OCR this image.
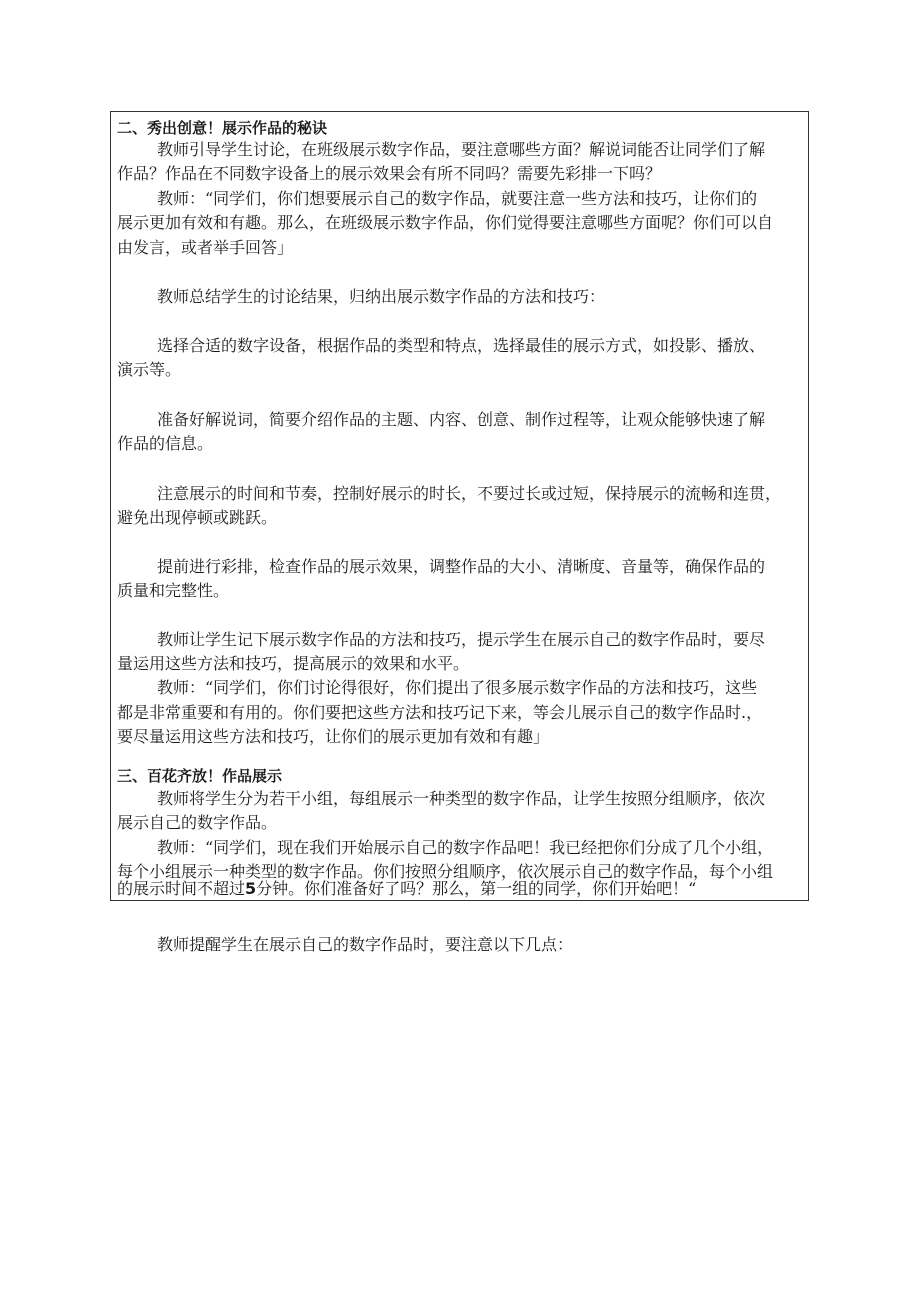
二、秀出创意！展示作品的秘诀
教师引导学生讨论，在班级展示数字作品，要注意哪些方面？解说词能否让同学们了解
作品？作品在不同数字设备上的展示效果会有所不同吗？需要先彩排一下吗？
教师：“同学们，你们想要展示自己的数字作品，就要注意一些方法和技巧，让你们的
展示更加有效和有趣。那么，在班级展示数字作品，你们觉得要注意哪些方面呢？你们可以自
由发言，或者举手回答」
教师总结学生的讨论结果，归纳出展示数字作品的方法和技巧：
选择合适的数字设备，根据作品的类型和特点，选择最佳的展示方式，如投影、播放、
演示等。
准备好解说词，简要介绍作品的主题、内容、创意、制作过程等，让观众能够快速了解
作品的信息。
注意展示的时间和节奏，控制好展示的时长，不要过长或过短，保持展示的流畅和连贯，
避免出现停顿或跳跃。
提前进行彩排，检查作品的展示效果，调整作品的大小、清晰度、音量等，确保作品的
质量和完整性。
教师让学生记下展示数字作品的方法和技巧，提示学生在展示自己的数字作品时，要尽
量运用这些方法和技巧，提高展示的效果和水平。
教师：“同学们，你们讨论得很好，你们提出了很多展示数字作品的方法和技巧，这些
都是非常重要和有用的。你们要把这些方法和技巧记下来，等会儿展示自己的数字作品时.，
要尽量运用这些方法和技巧，让你们的展示更加有效和有趣」
三、百花齐放！作品展示
教师将学生分为若干小组，每组展示一种类型的数字作品，让学生按照分组顺序，依次
展示自己的数字作品。
教师：“同学们，现在我们开始展示自己的数字作品吧！我已经把你们分成了几个小组，
每个小组展示一种类型的数字作品。你们按照分组顺序，依次展示自己的数字作品，每个小组
的展示时间不超过5分钟。你们准备好了吗？那么，第一组的同学，你们开始吧！“
教师提醒学生在展示自己的数字作品时，要注意以下几点：
